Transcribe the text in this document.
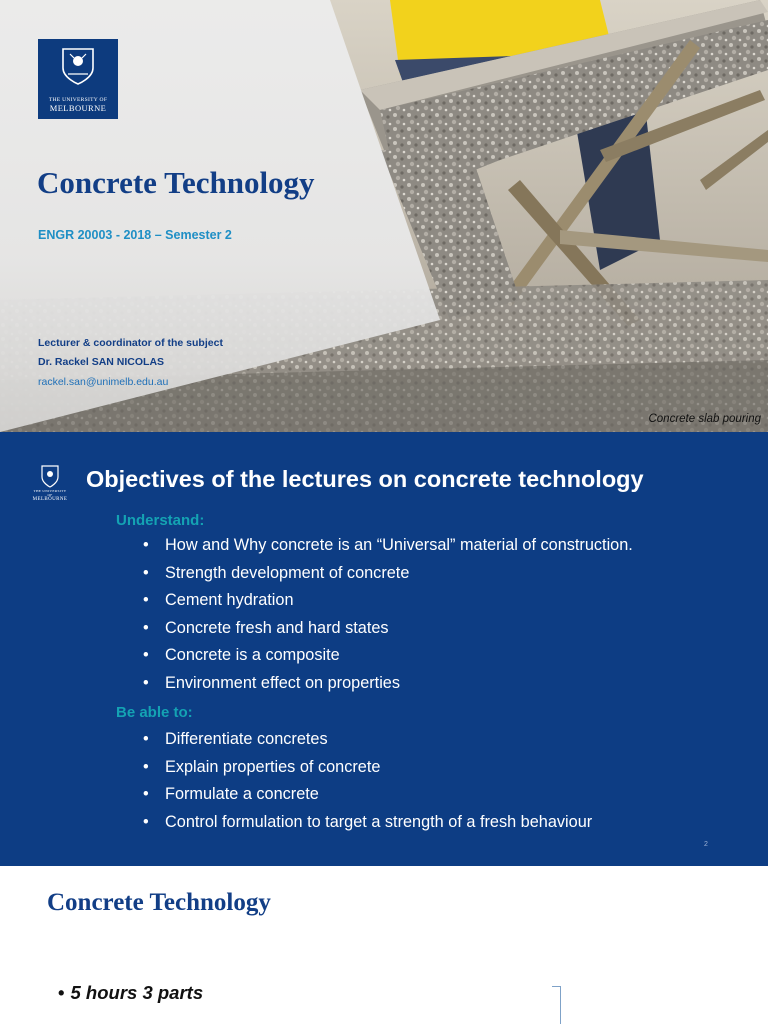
THE UNIVERSITY OF
MELBOURNE
Concrete Technology
ENGR 20003 - 2018 – Semester 2
Lecturer & coordinator of the subject
Dr. Rackel SAN NICOLAS
rackel.san@unimelb.edu.au
Concrete slab pouring
THE UNIVERSITY OF
MELBOURNE
Objectives of the lectures on concrete technology
Understand:
• How and Why concrete is an “Universal” material of construction.
• Strength development of concrete
• Cement hydration
• Concrete fresh and hard states
• Concrete is a composite
• Environment effect on properties
Be able to:
• Differentiate concretes
• Explain properties of concrete
• Formulate a concrete
• Control formulation to target a strength of a fresh behaviour
2
Concrete Technology
• 5 hours 3 parts
